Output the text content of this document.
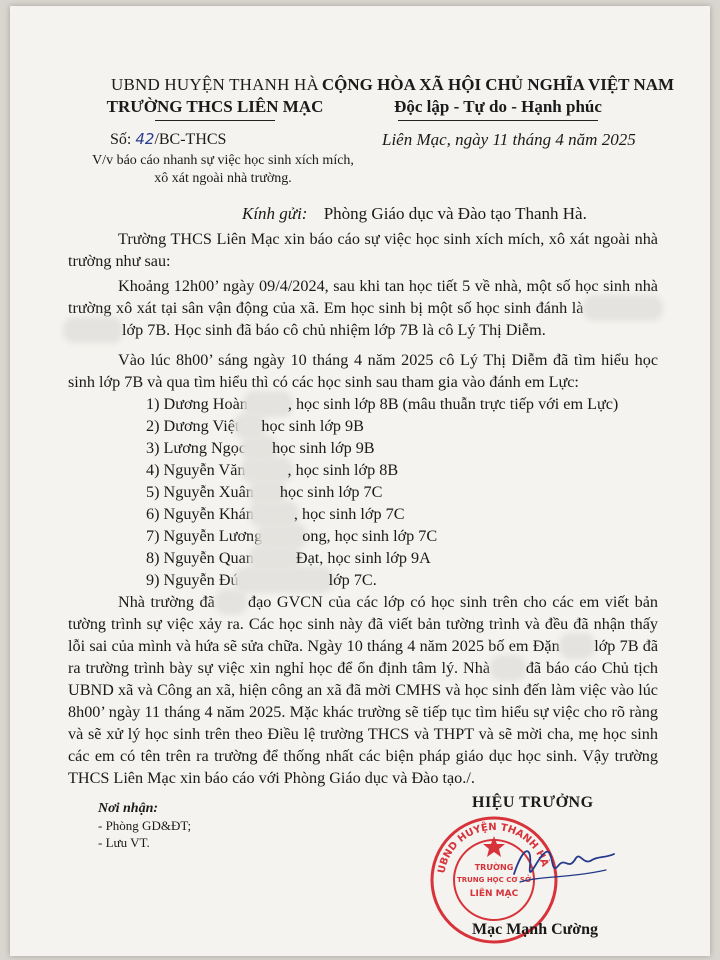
UBND HUYỆN THANH HÀ
TRƯỜNG THCS LIÊN MẠC
CỘNG HÒA XÃ HỘI CHỦ NGHĨA VIỆT NAM
Độc lập - Tự do - Hạnh phúc
Số: 42/BC-THCS
V/v báo cáo nhanh sự việc học sinh xích mích, xô xát ngoài nhà trường.
Liên Mạc, ngày 11 tháng 4 năm 2025
Kính gửi: Phòng Giáo dục và Đào tạo Thanh Hà.

Trường THCS Liên Mạc xin báo cáo sự việc học sinh xích mích, xô xát ngoài nhà trường như sau:

Khoảng 12h00’ ngày 09/4/2024, sau khi tan học tiết 5 về nhà, một số học sinh nhà trường xô xát tại sân vận động của xã. Em học sinh bị một số học sinh đánh là   lớp 7B. Học sinh đã báo cô chủ nhiệm lớp 7B là cô Lý Thị Diễm.

Vào lúc 8h00’ sáng ngày 10 tháng 4 năm 2025 cô Lý Thị Diễm đã tìm hiểu học sinh lớp 7B và qua tìm hiểu thì có các học sinh sau tham gia vào đánh em Lực:

1) Dương Hoàn , học sinh lớp 8B (mâu thuẫn trực tiếp với em Lực)
2) Dương Việt học sinh lớp 9B
3) Lương Ngọc học sinh lớp 9B
4) Nguyễn Văn	, học sinh lớp 8B
5) Nguyễn Xuân học sinh lớp 7C
6) Nguyễn Khán , học sinh lớp 7C
7) Nguyễn Lương ong, học sinh lớp 7C
8) Nguyễn Quan	Đạt, học sinh lớp 9A
9) Nguyễn Đú	lớp 7C.

Nhà trường đã đạo GVCN của các lớp có học sinh trên cho các em viết bản tường trình sự việc xảy ra. Các học sinh này đã viết bản tường trình và đều đã nhận thấy lỗi sai của mình và hứa sẽ sửa chữa. Ngày 10 tháng 4 năm 2025 bố em Đặn lớp 7B đã ra trường trình bày sự việc xin nghỉ học để ổn định tâm lý. Nhà đã báo cáo Chủ tịch UBND xã và Công an xã, hiện công an xã đã mời CMHS và học sinh đến làm việc vào lúc 8h00’ ngày 11 tháng 4 năm 2025. Mặc khác trường sẽ tiếp tục tìm hiểu sự việc cho rõ ràng và sẽ xử lý học sinh trên theo Điều lệ trường THCS và THPT và sẽ mời cha, mẹ học sinh các em có tên trên ra trường để thống nhất các biện pháp giáo dục học sinh. Vậy trường THCS Liên Mạc xin báo cáo với Phòng Giáo dục và Đào tạo./.

Nơi nhận:
- Phòng GD&ĐT;
- Lưu VT.
HIỆU TRƯỞNG
UBND HUYỆN THANH HÀ
TRƯỜNG
TRUNG HỌC CƠ SỞ
LIÊN MẠC
Mạc Mạnh Cường
